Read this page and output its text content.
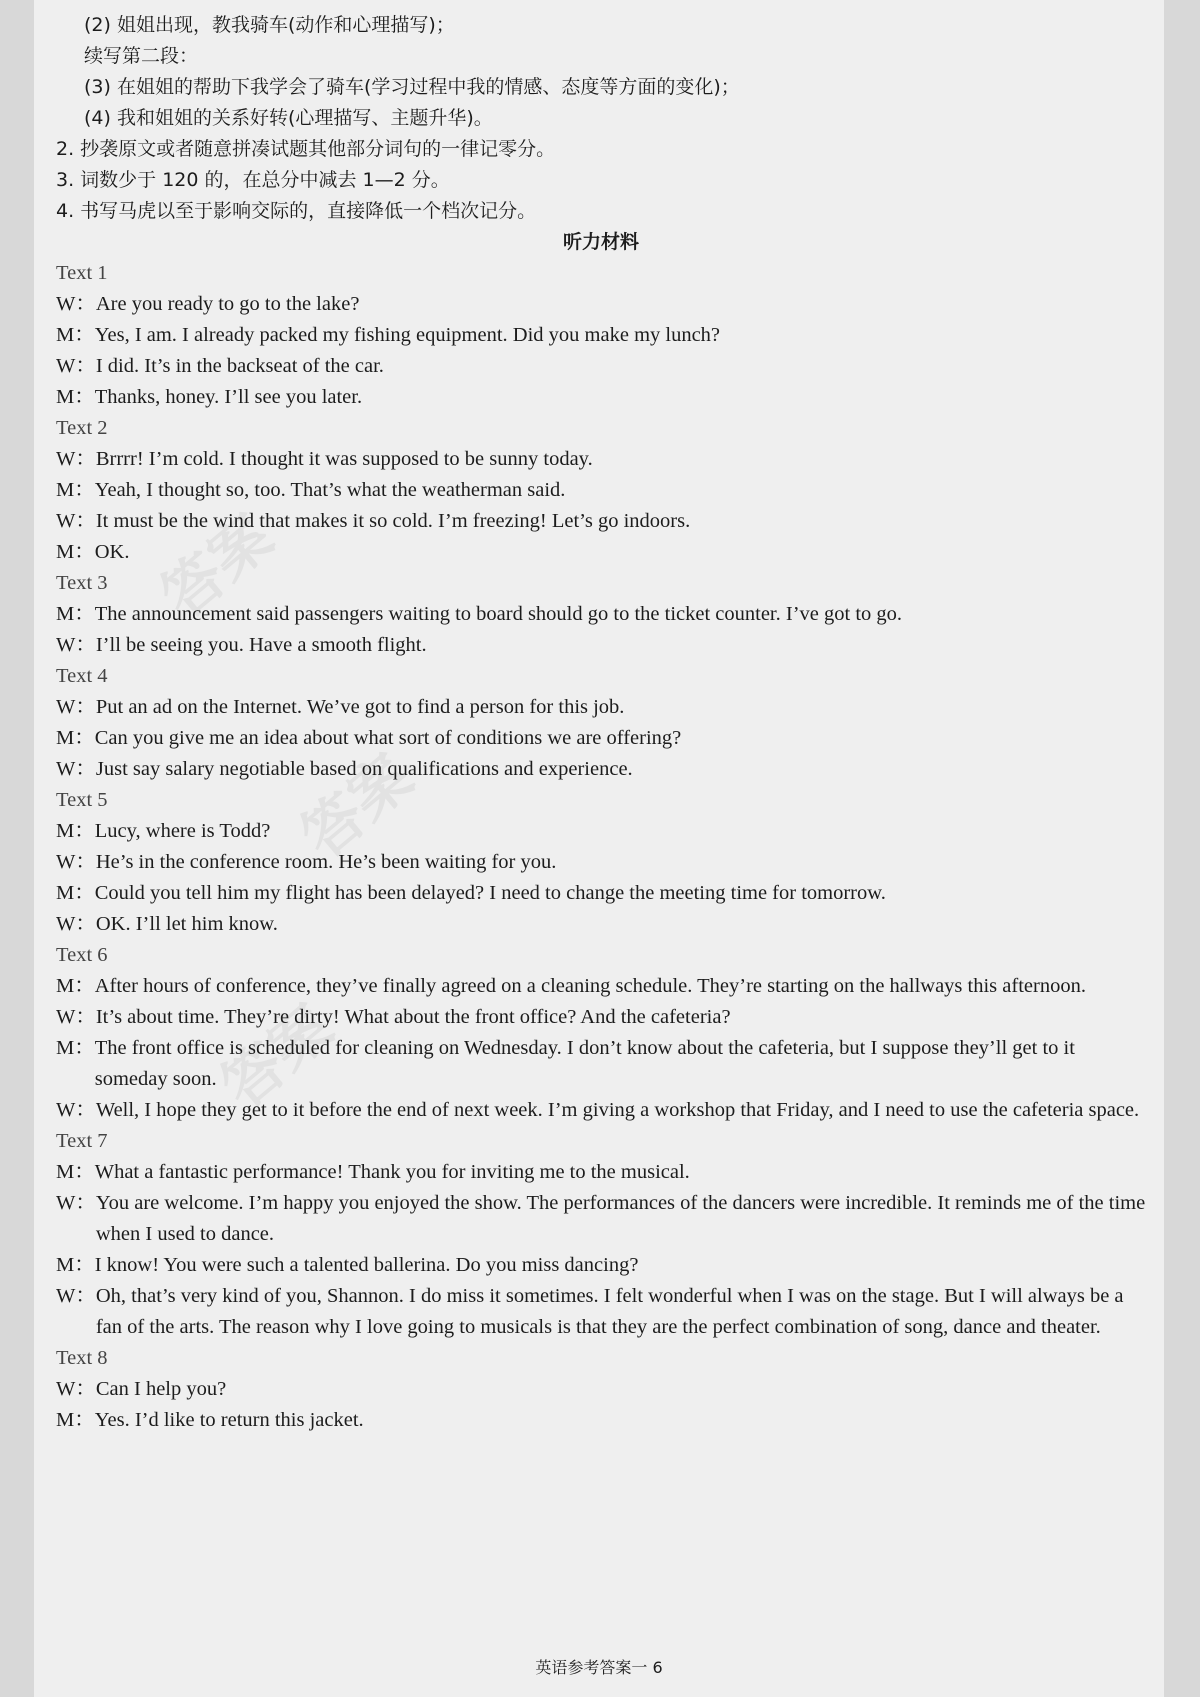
答案
答案
答案
(2) 姐姐出现，教我骑车(动作和心理描写)；
续写第二段：
(3) 在姐姐的帮助下我学会了骑车(学习过程中我的情感、态度等方面的变化)；
(4) 我和姐姐的关系好转(心理描写、主题升华)。
2. 抄袭原文或者随意拼凑试题其他部分词句的一律记零分。
3. 词数少于 120 的，在总分中减去 1—2 分。
4. 书写马虎以至于影响交际的，直接降低一个档次记分。
听力材料
Text 1
W： Are you ready to go to the lake?
M： Yes, I am. I already packed my fishing equipment. Did you make my lunch?
W： I did. It’s in the backseat of the car.
M： Thanks, honey. I’ll see you later.
Text 2
W： Brrrr! I’m cold. I thought it was supposed to be sunny today.
M： Yeah, I thought so, too. That’s what the weatherman said.
W： It must be the wind that makes it so cold. I’m freezing! Let’s go indoors.
M： OK.
Text 3
M： The announcement said passengers waiting to board should go to the ticket counter. I’ve got to go.
W： I’ll be seeing you. Have a smooth flight.
Text 4
W： Put an ad on the Internet. We’ve got to find a person for this job.
M： Can you give me an idea about what sort of conditions we are offering?
W： Just say salary negotiable based on qualifications and experience.
Text 5
M： Lucy, where is Todd?
W： He’s in the conference room. He’s been waiting for you.
M： Could you tell him my flight has been delayed? I need to change the meeting time for tomorrow.
W： OK. I’ll let him know.
Text 6
M： After hours of conference, they’ve finally agreed on a cleaning schedule. They’re starting on the hallways this afternoon.
W： It’s about time. They’re dirty! What about the front office? And the cafeteria?
M： The front office is scheduled for cleaning on Wednesday. I don’t know about the cafeteria, but I suppose they’ll get to it someday soon.
W： Well, I hope they get to it before the end of next week. I’m giving a workshop that Friday, and I need to use the cafeteria space.
Text 7
M： What a fantastic performance! Thank you for inviting me to the musical.
W： You are welcome. I’m happy you enjoyed the show. The performances of the dancers were incredible. It reminds me of the time when I used to dance.
M： I know! You were such a talented ballerina. Do you miss dancing?
W： Oh, that’s very kind of you, Shannon. I do miss it sometimes. I felt wonderful when I was on the stage. But I will always be a fan of the arts. The reason why I love going to musicals is that they are the perfect combination of song, dance and theater.
Text 8
W： Can I help you?
M： Yes. I’d like to return this jacket.
英语参考答案一 6
